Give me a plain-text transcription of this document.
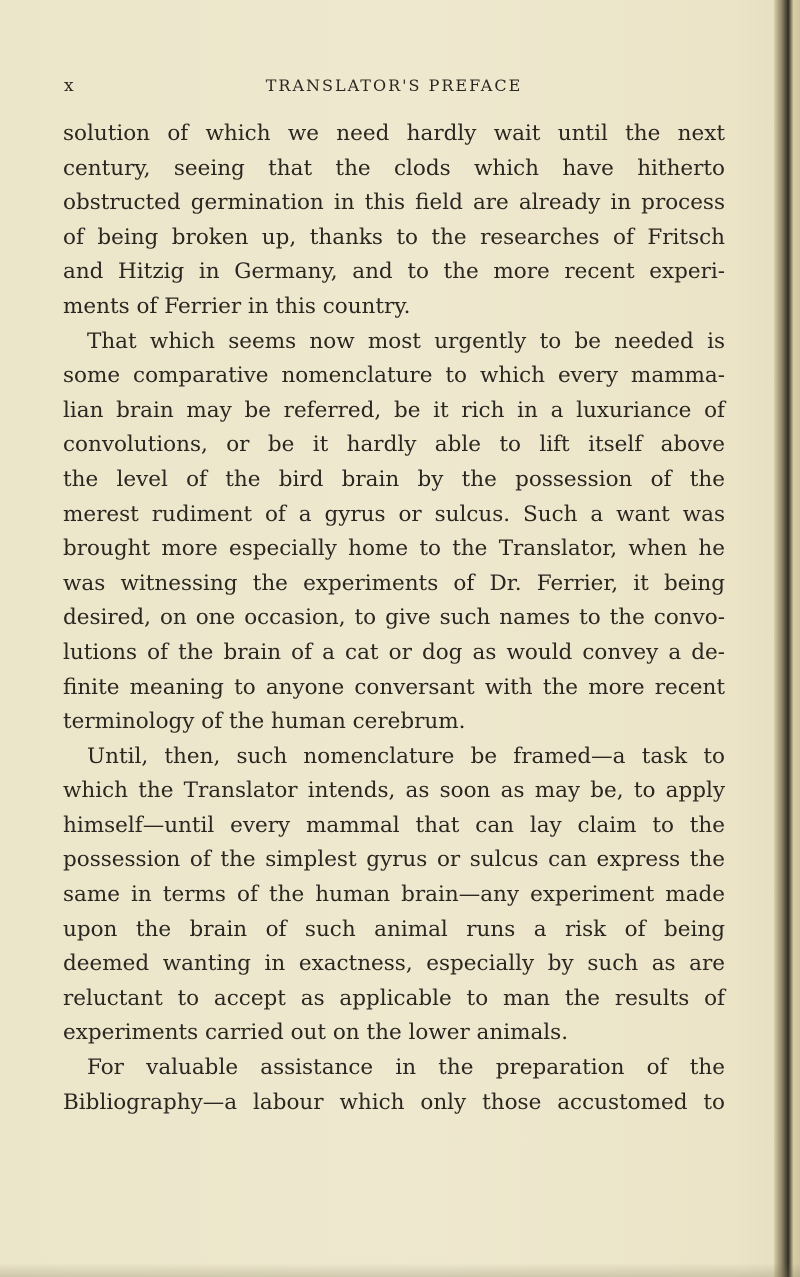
x	TRANSLATOR'S PREFACE
solution of which we need hardly wait until the next
century, seeing that the clods which have hitherto
obstructed germination in this field are already in process
of being broken up, thanks to the researches of Fritsch
and Hitzig in Germany, and to the more recent experi-
ments of Ferrier in this country.
That which seems now most urgently to be needed is
some comparative nomenclature to which every mamma-
lian brain may be referred, be it rich in a luxuriance of
convolutions, or be it hardly able to lift itself above
the level of the bird brain by the possession of the
merest rudiment of a gyrus or sulcus. Such a want was
brought more especially home to the Translator, when he
was witnessing the experiments of Dr. Ferrier, it being
desired, on one occasion, to give such names to the convo-
lutions of the brain of a cat or dog as would convey a de-
finite meaning to anyone conversant with the more recent
terminology of the human cerebrum.
Until, then, such nomenclature be framed—a task to
which the Translator intends, as soon as may be, to apply
himself—until every mammal that can lay claim to the
possession of the simplest gyrus or sulcus can express the
same in terms of the human brain—any experiment made
upon the brain of such animal runs a risk of being
deemed wanting in exactness, especially by such as are
reluctant to accept as applicable to man the results of
experiments carried out on the lower animals.
For valuable assistance in the preparation of the
Bibliography—a labour which only those accustomed to
